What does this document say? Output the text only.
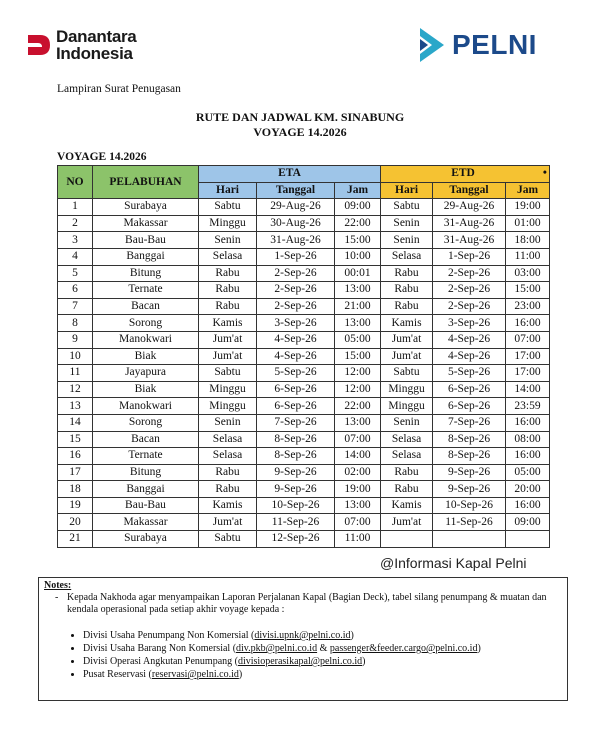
Danantara
Indonesia	PELNI
Lampiran Surat Penugasan
RUTE DAN JADWAL KM. SINABUNG
VOYAGE 14.2026
VOYAGE 14.2026
NO	PELABUHAN	ETA			ETD •		
		Hari	Tanggal	Jam	Hari	Tanggal	Jam
1	Surabaya	Sabtu	29-Aug-26	09:00	Sabtu	29-Aug-26	19:00
2	Makassar	Minggu	30-Aug-26	22:00	Senin	31-Aug-26	01:00
3	Bau-Bau	Senin	31-Aug-26	15:00	Senin	31-Aug-26	18:00
4	Banggai	Selasa	1-Sep-26	10:00	Selasa	1-Sep-26	11:00
5	Bitung	Rabu	2-Sep-26	00:01	Rabu	2-Sep-26	03:00
6	Ternate	Rabu	2-Sep-26	13:00	Rabu	2-Sep-26	15:00
7	Bacan	Rabu	2-Sep-26	21:00	Rabu	2-Sep-26	23:00
8	Sorong	Kamis	3-Sep-26	13:00	Kamis	3-Sep-26	16:00
9	Manokwari	Jum'at	4-Sep-26	05:00	Jum'at	4-Sep-26	07:00
10	Biak	Jum'at	4-Sep-26	15:00	Jum'at	4-Sep-26	17:00
11	Jayapura	Sabtu	5-Sep-26	12:00	Sabtu	5-Sep-26	17:00
12	Biak	Minggu	6-Sep-26	12:00	Minggu	6-Sep-26	14:00
13	Manokwari	Minggu	6-Sep-26	22:00	Minggu	6-Sep-26	23:59
14	Sorong	Senin	7-Sep-26	13:00	Senin	7-Sep-26	16:00
15	Bacan	Selasa	8-Sep-26	07:00	Selasa	8-Sep-26	08:00
16	Ternate	Selasa	8-Sep-26	14:00	Selasa	8-Sep-26	16:00
17	Bitung	Rabu	9-Sep-26	02:00	Rabu	9-Sep-26	05:00
18	Banggai	Rabu	9-Sep-26	19:00	Rabu	9-Sep-26	20:00
19	Bau-Bau	Kamis	10-Sep-26	13:00	Kamis	10-Sep-26	16:00
20	Makassar	Jum'at	11-Sep-26	07:00	Jum'at	11-Sep-26	09:00
21	Surabaya	Sabtu	12-Sep-26	11:00			
@Informasi Kapal Pelni
Notes:
- Kepada Nakhoda agar menyampaikan Laporan Perjalanan Kapal (Bagian Deck), tabel silang penumpang & muatan dan kendala operasional pada setiap akhir voyage kepada :
• Divisi Usaha Penumpang Non Komersial (divisi.upnk@pelni.co.id)
• Divisi Usaha Barang Non Komersial (div.pkb@pelni.co.id & passenger&feeder.cargo@pelni.co.id)
• Divisi Operasi Angkutan Penumpang (divisioperasikapal@pelni.co.id)
• Pusat Reservasi (reservasi@pelni.co.id)
